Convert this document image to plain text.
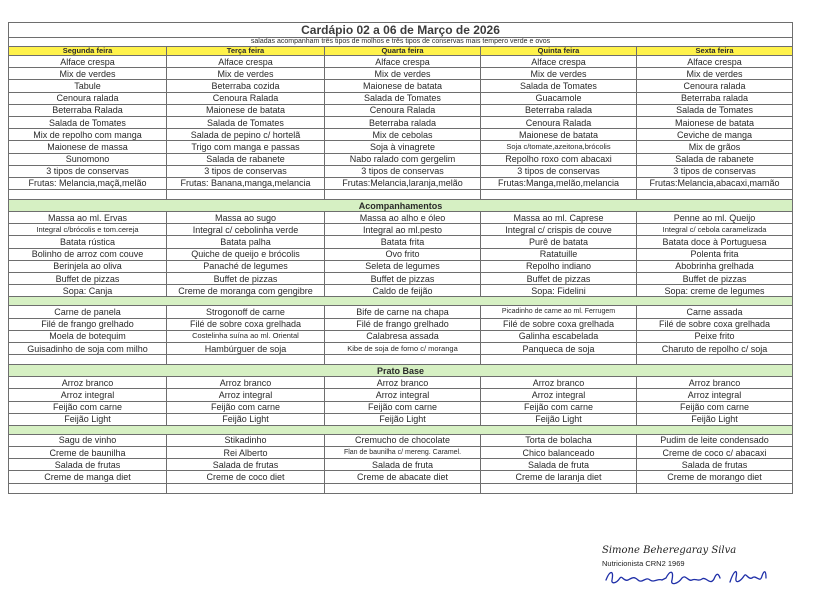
Cardápio 02 a 06 de Março de 2026				
saladas acompanham três tipos de molhos e três tipos de conservas mais tempero verde e ovos				
Segunda feira	Terça feira	Quarta feira	Quinta feira	Sexta feira
Alface crespa	Alface crespa	Alface crespa	Alface crespa	Alface crespa
Mix de verdes	Mix de verdes	Mix de verdes	Mix de verdes	Mix de verdes
Tabule	Beterraba cozida	Maionese de batata	Salada de Tomates	Cenoura ralada
Cenoura ralada	Cenoura Ralada	Salada de Tomates	Guacamole	Beterraba ralada
Beterraba Ralada	Maionese de batata	Cenoura Ralada	Beterraba ralada	Salada de Tomates
Salada de Tomates	Salada de Tomates	Beterraba ralada	Cenoura Ralada	Maionese de batata
Mix de repolho com manga	Salada de pepino c/ hortelã	Mix de cebolas	Maionese de batata	Ceviche de manga
Maionese de massa	Trigo com manga e passas	Soja à vinagrete	Soja c/tomate,azeitona,brócolis	Mix de grãos
Sunomono	Salada de rabanete	Nabo ralado com gergelim	Repolho roxo com abacaxi	Salada de rabanete
3 tipos de conservas	3 tipos de conservas	3 tipos de conservas	3 tipos de conservas	3 tipos de conservas
Frutas: Melancia,maçã,melão	Frutas: Banana,manga,melancia	Frutas:Melancia,laranja,melão	Frutas:Manga,melão,melancia	Frutas:Melancia,abacaxi,mamão

Acompanhamentos				
Massa ao ml. Ervas	Massa ao sugo	Massa ao alho e óleo	Massa ao ml. Caprese	Penne ao ml. Queijo
Integral c/brócolis e tom.cereja	Integral c/ cebolinha verde	Integral ao ml.pesto	Integral c/ crispis de couve	Integral c/ cebola caramelizada
Batata rústica	Batata palha	Batata frita	Purê de batata	Batata doce à Portuguesa
Bolinho de arroz com couve	Quiche de queijo e brócolis	Ovo frito	Ratatuille	Polenta frita
Berinjela ao oliva	Panaché de legumes	Seleta de legumes	Repolho indiano	Abobrinha grelhada
Buffet de pizzas	Buffet de pizzas	Buffet de pizzas	Buffet de pizzas	Buffet de pizzas
Sopa: Canja	Creme de moranga com gengibre	Caldo de feijão	Sopa: Fidelini	Sopa: creme de legumes

Carne de panela	Strogonoff de carne	Bife de carne na chapa	Picadinho de carne ao ml. Ferrugem	Carne assada
Filé de frango grelhado	Filé de sobre coxa grelhada	Filé de frango grelhado	Filé de sobre coxa grelhada	Filé de sobre coxa grelhada
Moela de botequim	Costelinha suína ao ml. Oriental	Calabresa assada	Galinha escabelada	Peixe frito
Guisadinho de soja com milho	Hambúrguer de soja	Kibe de soja de forno c/ moranga	Panqueca de soja	Charuto de repolho c/ soja

Prato Base				
Arroz branco	Arroz branco	Arroz branco	Arroz branco	Arroz branco
Arroz integral	Arroz integral	Arroz integral	Arroz integral	Arroz integral
Feijão com carne	Feijão com carne	Feijão com carne	Feijão com carne	Feijão com carne
Feijão Light	Feijão Light	Feijão Light	Feijão Light	Feijão Light

Sagu de vinho	Stikadinho	Cremucho de chocolate	Torta de bolacha	Pudim de leite condensado
Creme de baunilha	Rei Alberto	Flan de baunilha c/ mereng. Caramel.	Chico balanceado	Creme de coco c/ abacaxi
Salada de frutas	Salada de frutas	Salada de fruta	Salada de fruta	Salada de frutas
Creme de manga diet	Creme de coco diet	Creme de abacate diet	Creme de laranja diet	Creme de morango diet

Simone Beheregaray Silva
Nutricionista CRN2 1969
